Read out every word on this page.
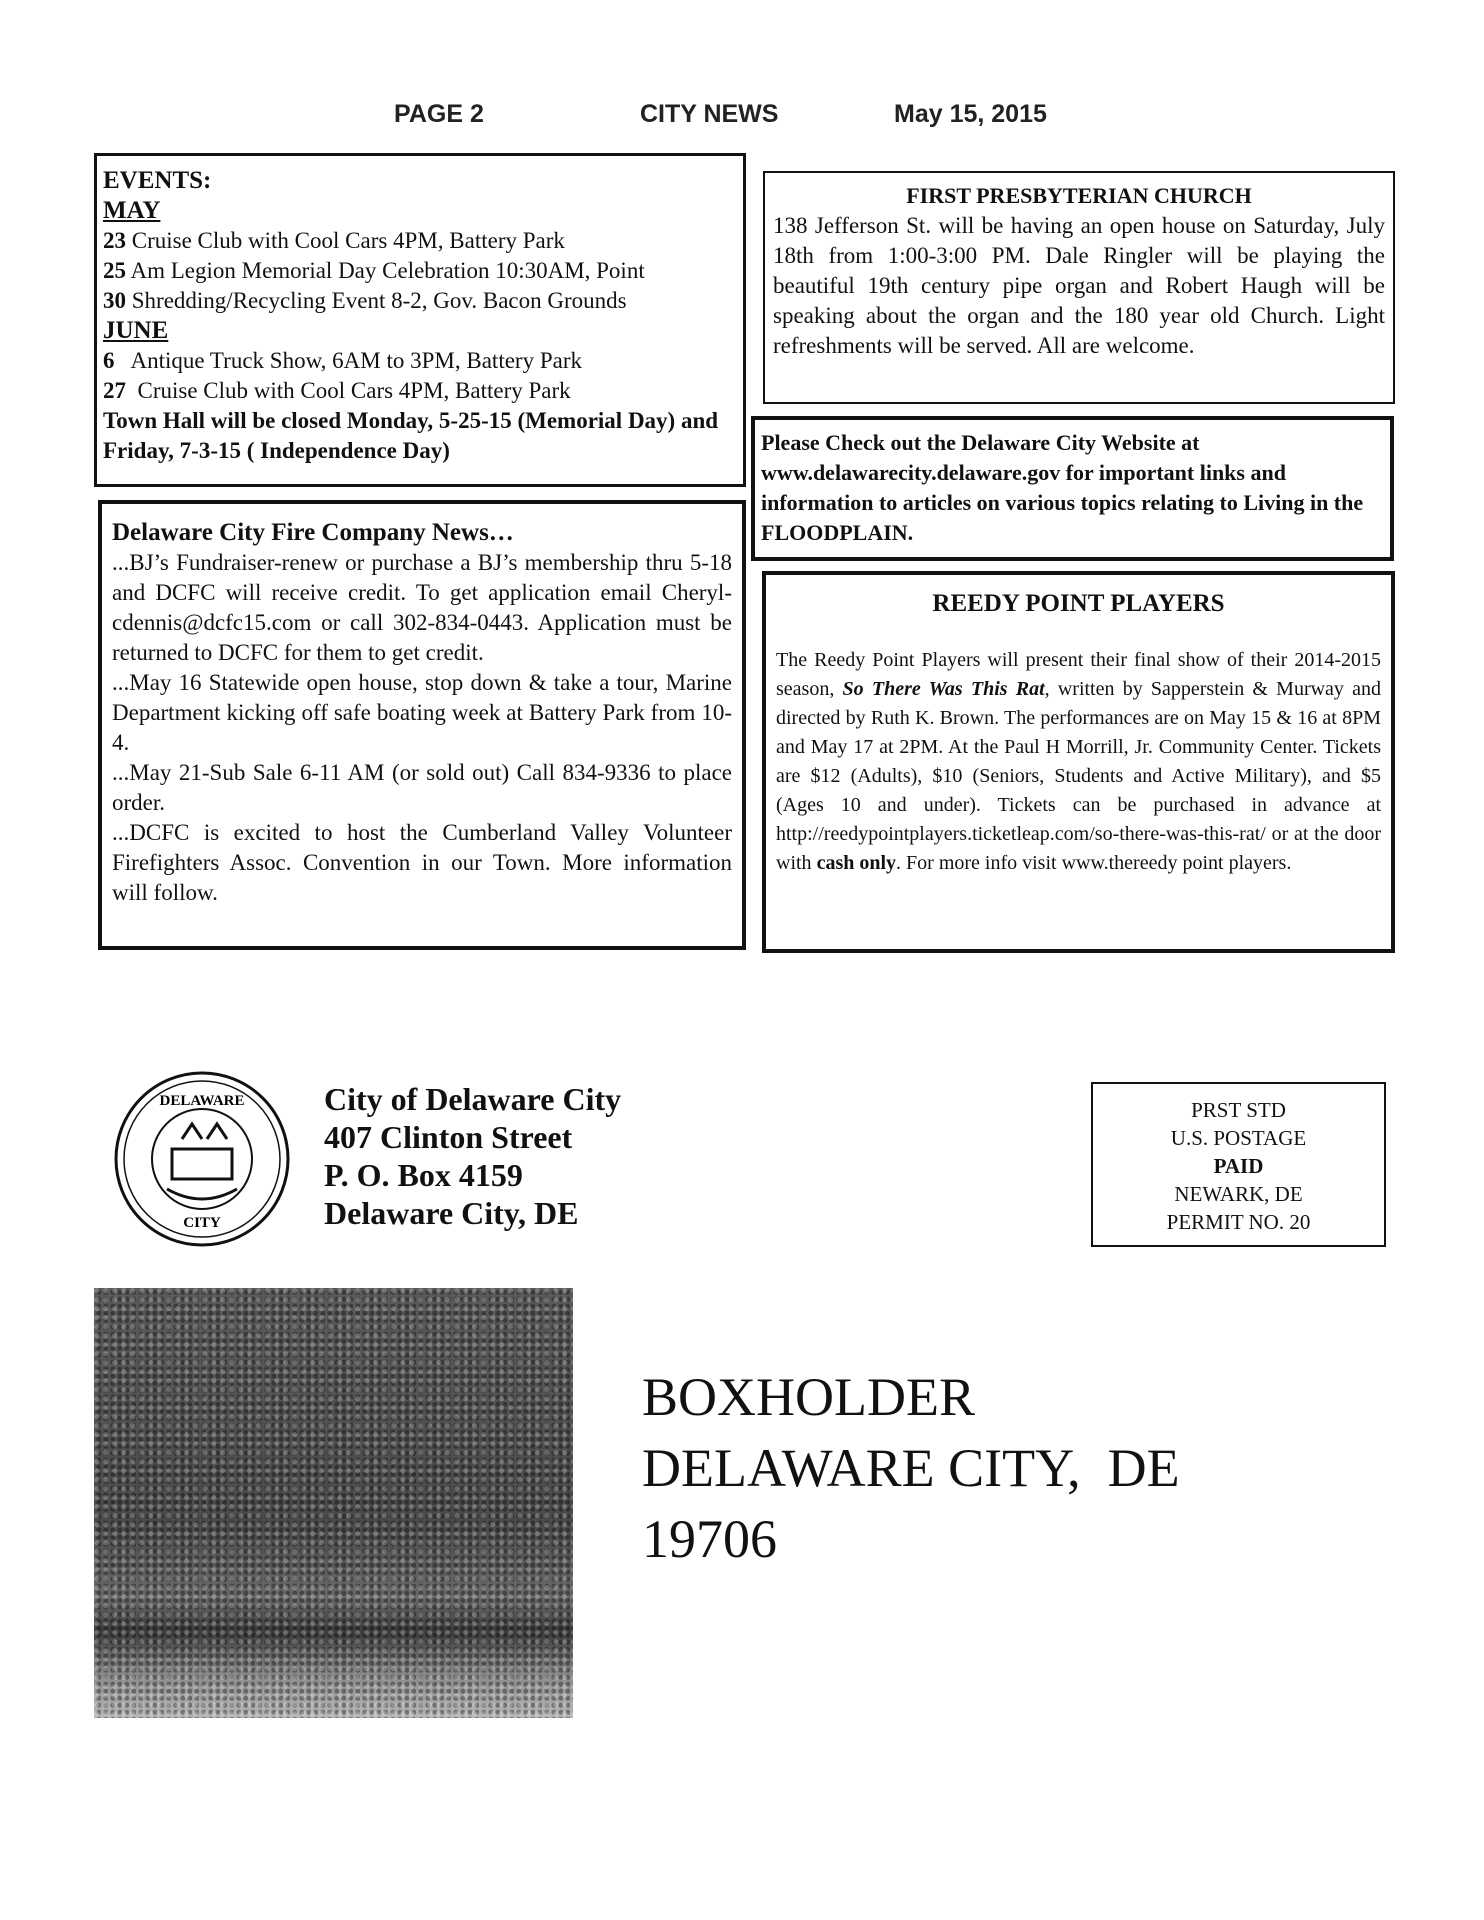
PAGE 2	CITY NEWS	May 15, 2015
EVENTS:
MAY
23 Cruise Club with Cool Cars 4PM, Battery Park
25 Am Legion Memorial Day Celebration 10:30AM, Point
30 Shredding/Recycling Event 8-2, Gov. Bacon Grounds
JUNE
6   Antique Truck Show, 6AM to 3PM, Battery Park
27  Cruise Club with Cool Cars 4PM, Battery Park
Town Hall will be closed Monday, 5-25-15 (Memorial Day) and Friday, 7-3-15 ( Independence Day)
FIRST PRESBYTERIAN CHURCH
138 Jefferson St. will be having an open house on Saturday, July 18th from 1:00-3:00 PM. Dale Ringler will be playing the beautiful 19th century pipe organ and Robert Haugh will be speaking about the organ and the 180 year old Church. Light refreshments will be served. All are welcome.
Please Check out the Delaware City Website at www.delawarecity.delaware.gov for important links and information to articles on various topics relating to Living in the FLOODPLAIN.
Delaware City Fire Company News…
...BJ’s Fundraiser-renew or purchase a BJ’s membership thru 5-18 and DCFC will receive credit. To get application email Cheryl-cdennis@dcfc15.com or call 302-834-0443. Application must be returned to DCFC for them to get credit.
...May 16 Statewide open house, stop down & take a tour, Marine Department kicking off safe boating week at Battery Park from 10-4.
...May 21-Sub Sale 6-11 AM (or sold out) Call 834-9336 to place order.
...DCFC is excited to host the Cumberland Valley Volunteer Firefighters Assoc. Convention in our Town. More information will follow.
REEDY POINT PLAYERS
The Reedy Point Players will present their final show of their 2014-2015 season, So There Was This Rat, written by Sapperstein & Murway and directed by Ruth K. Brown. The performances are on May 15 & 16 at 8PM and May 17 at 2PM. At the Paul H Morrill, Jr. Community Center. Tickets are $12 (Adults), $10 (Seniors, Students and Active Military), and $5 (Ages 10 and under). Tickets can be purchased in advance at http://reedypointplayers.ticketleap.com/so-there-was-this-rat/ or at the door with cash only. For more info visit www.thereedy point players.
DELAWARE
CITY
City of Delaware City
407 Clinton Street
P. O. Box 4159
Delaware City, DE
PRST STD
U.S. POSTAGE
PAID
NEWARK, DE
PERMIT NO. 20
BOXHOLDER
DELAWARE CITY,  DE
19706
